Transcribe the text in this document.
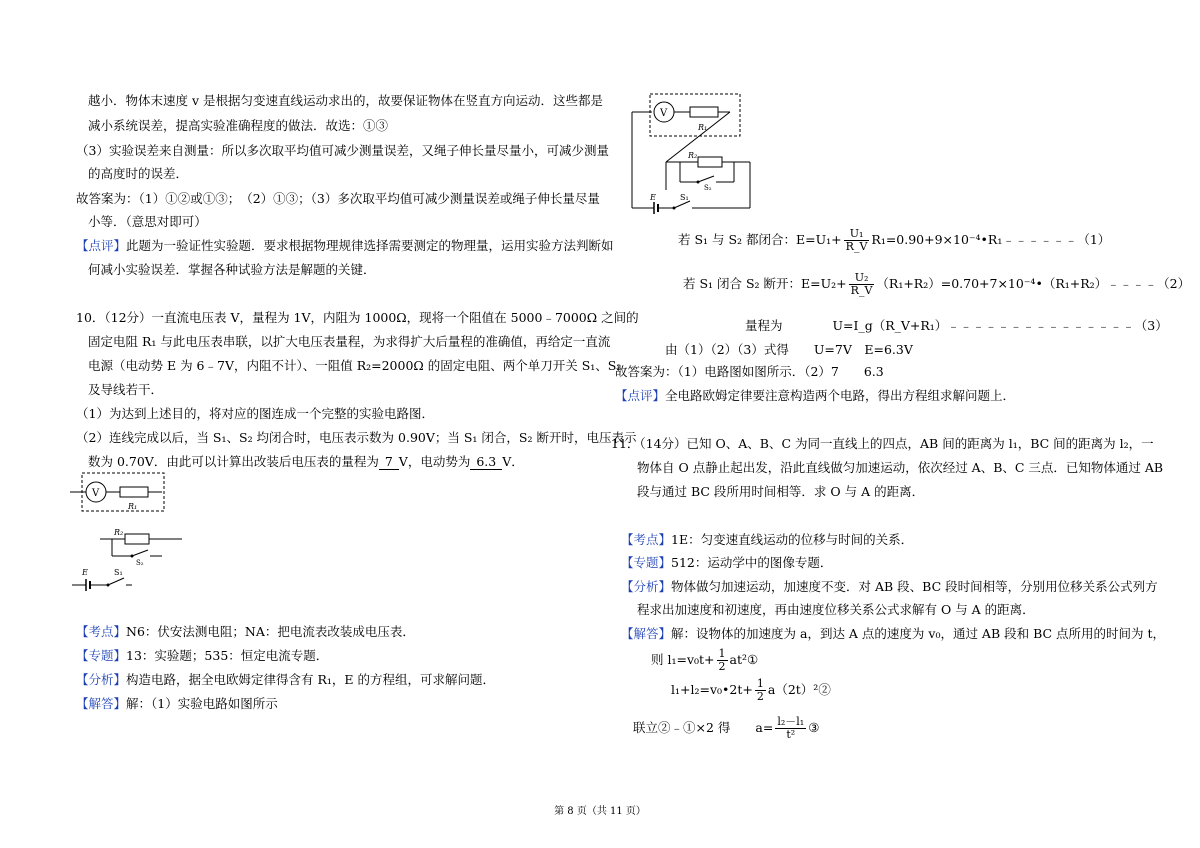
越小．物体末速度 v 是根据匀变速直线运动求出的，故要保证物体在竖直方向运动．这些都是
减小系统误差，提高实验准确程度的做法．故选：①③
（3）实验误差来自测量：所以多次取平均值可减少测量误差，又绳子伸长量尽量小，可减少测量
的高度时的误差．
故答案为：（1）①②或①③；　（2）①③；（3）多次取平均值可减少测量误差或绳子伸长量尽量
小等．（意思对即可）
【点评】此题为一验证性实验题．要求根据物理规律选择需要测定的物理量，运用实验方法判断如
何减小实验误差．掌握各种试验方法是解题的关键．
10．（12分）一直流电压表 V，量程为 1V，内阻为 1000Ω，现将一个阻值在 5000﹣7000Ω 之间的
固定电阻 R₁ 与此电压表串联，以扩大电压表量程，为求得扩大后量程的准确值，再给定一直流
电源（电动势 E 为 6﹣7V，内阻不计）、一阻值 R₂=2000Ω 的固定电阻、两个单刀开关 S₁、S₂
及导线若干．
（1）为达到上述目的，将对应的图连成一个完整的实验电路图．
（2）连线完成以后，当 S₁、S₂ 均闭合时，电压表示数为 0.90V；当 S₁ 闭合，S₂ 断开时，电压表示
数为 0.70V．由此可以计算出改装后电压表的量程为 7 V，电动势为 6.3 V．
V
R₁
R₂
S₂
E	S₁
【考点】N6：伏安法测电阻；NA：把电流表改装成电压表．
【专题】13：实验题；535：恒定电流专题．
【分析】构造电路，据全电欧姆定律得含有 R₁，E 的方程组，可求解问题．
【解答】解：（1）实验电路如图所示
V
R₁
R₂
S₂
E	S₁
若 S₁ 与 S₂ 都闭合：$E=U_1+ \frac{\text{U₁}}{R\_V}$ R₁=0.90+9×10⁻⁴•R₁﹣﹣﹣﹣﹣﹣（1）
若 S₁ 闭合 S₂ 断开：$E=U_2+ \frac{\text{U₂}}{R\_V}$ （R₁+R₂）=0.70+7×10⁻⁴•（R₁+R₂）﹣﹣﹣﹣（2）
量程为　　　　U=I_g（R_V+R₁）﹣﹣﹣﹣﹣﹣﹣﹣﹣﹣﹣﹣﹣﹣﹣（3）
由（1）（2）（3）式得　　U=7V　E=6.3V
故答案为：（1）电路图如图所示．（2）7　　6.3
【点评】全电路欧姆定律要注意构造两个电路，得出方程组求解问题上．
11．（14分）已知 O、A、B、C 为同一直线上的四点，AB 间的距离为 l₁，BC 间的距离为 l₂，一
物体自 O 点静止起出发，沿此直线做匀加速运动，依次经过 A、B、C 三点．已知物体通过 AB
段与通过 BC 段所用时间相等．求 O 与 A 的距离．
【考点】1E：匀变速直线运动的位移与时间的关系．
【专题】512：运动学中的图像专题．
【分析】物体做匀加速运动，加速度不变．对 AB 段、BC 段时间相等，分别用位移关系公式列方
程求出加速度和初速度，再由速度位移关系公式求解有 O 与 A 的距离．
【解答】解：设物体的加速度为 a，到达 A 点的速度为 v₀，通过 AB 段和 BC 点所用的时间为 t，
则 $l_1=v_0t+ \frac{1}{2}$ at²①
l₁+l₂=v₀•2t+ $\frac{1}{2}$ a（2t）²②
联立②﹣①×2 得　　$a= \frac{\text{l₂－l₁}}{\text{t²}}$ ③
第 8 页（共 11 页）
